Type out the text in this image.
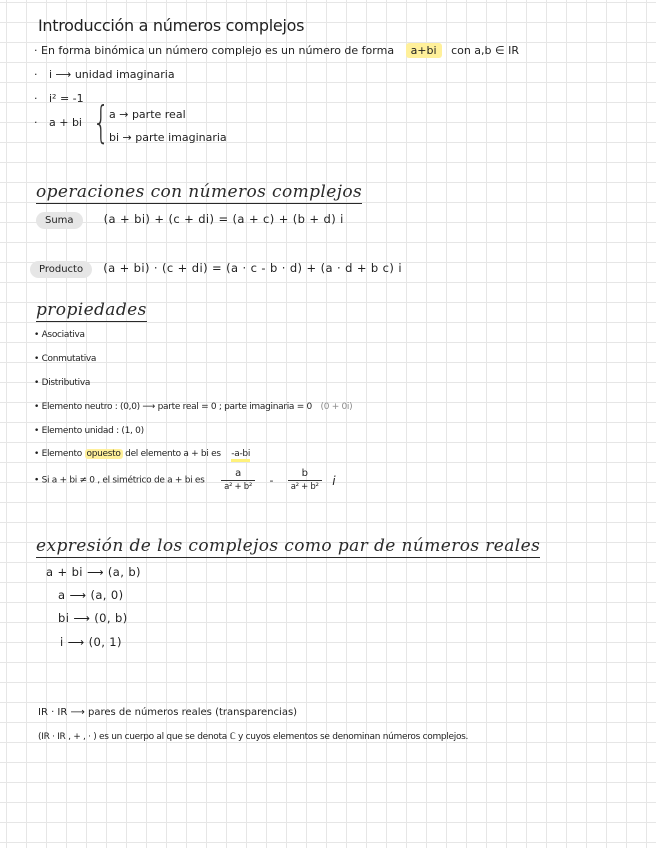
Introducción a números complejos
· En forma binómica un número complejo es un número de forma a+bi con a,b ∈ IR
· i ⟶ unidad imaginaria
· i² = -1
· a + bi { a → parte real
bi → parte imaginaria
operaciones con números complejos
Suma	(a + bi) + (c + di) = (a + c) + (b + d) i
Producto (a + bi) · (c + di) = (a · c - b · d) + (a · d + b c) i
propiedades
• Asociativa
• Conmutativa
• Distributiva
• Elemento neutro : (0,0) ⟶ parte real = 0 ; parte imaginaria = 0 (0 + 0i)
• Elemento unidad : (1, 0)
• Elemento opuesto del elemento a + bi es -a-bi
• Si a + bi ≠ 0 , el simétrico de a + bi es $\frac{a}{\text{a² + b²}} - \frac{b}{\text{a² + b²}}$ i
expresión de los complejos como par de números reales
a + bi ⟶ (a, b)
a ⟶ (a, 0)
bi ⟶ (0, b)
i ⟶ (0, 1)
IR · IR ⟶ pares de números reales (transparencias)
(IR · IR , + , · ) es un cuerpo al que se denota ℂ y cuyos elementos se denominan números complejos.
